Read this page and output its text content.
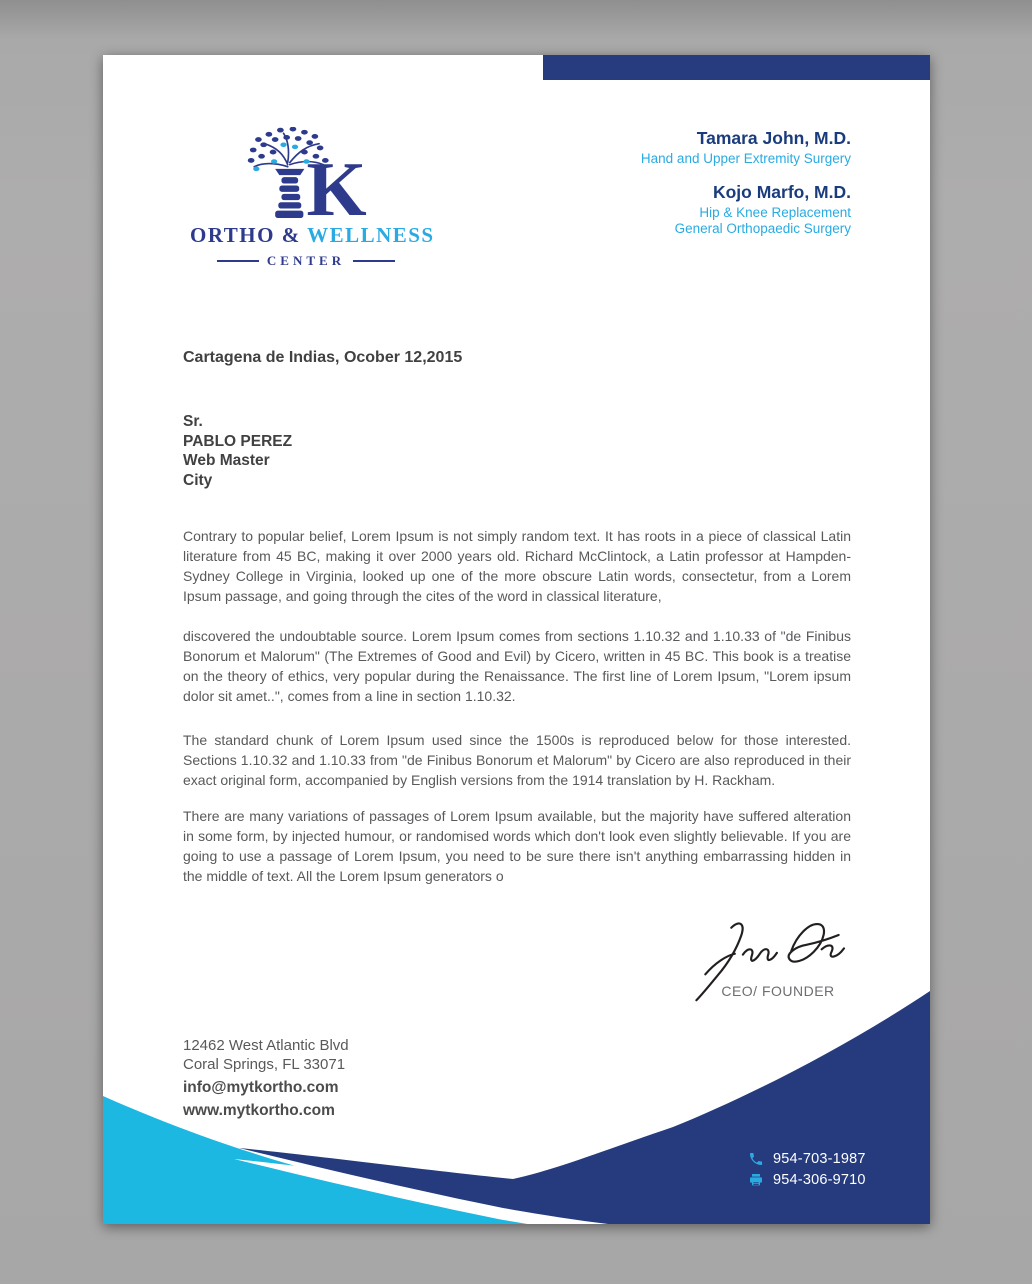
K
ORTHO & WELLNESS
CENTER
Tamara John, M.D.
Hand and Upper Extremity Surgery
Kojo Marfo, M.D.
Hip & Knee Replacement
General Orthopaedic Surgery
Cartagena de Indias, Ocober 12,2015
Sr.
PABLO PEREZ
Web Master
City

Contrary to popular belief, Lorem Ipsum is not simply random text. It has roots in a piece of classical Latin literature from 45 BC, making it over 2000 years old. Richard McClintock, a Latin professor at Hampden-Sydney College in Virginia, looked up one of the more obscure Latin words, consectetur, from a Lorem Ipsum passage, and going through the cites of the word in classical literature,

discovered the undoubtable source. Lorem Ipsum comes from sections 1.10.32 and 1.10.33 of "de Finibus Bonorum et Malorum" (The Extremes of Good and Evil) by Cicero, written in 45 BC. This book is a treatise on the theory of ethics, very popular during the Renaissance. The first line of Lorem Ipsum, "Lorem ipsum dolor sit amet..", comes from a line in section 1.10.32.

The standard chunk of Lorem Ipsum used since the 1500s is reproduced below for those interested. Sections 1.10.32 and 1.10.33 from "de Finibus Bonorum et Malorum" by Cicero are also reproduced in their exact original form, accompanied by English versions from the 1914 translation by H. Rackham.

There are many variations of passages of Lorem Ipsum available, but the majority have suffered alteration in some form, by injected humour, or randomised words which don't look even slightly believable. If you are going to use a passage of Lorem Ipsum, you need to be sure there isn't anything embarrassing hidden in the middle of text. All the Lorem Ipsum generators o

CEO/ FOUNDER
12462 West Atlantic Blvd
Coral Springs, FL 33071
info@mytkortho.com
www.mytkortho.com
954-703-1987
954-306-9710
